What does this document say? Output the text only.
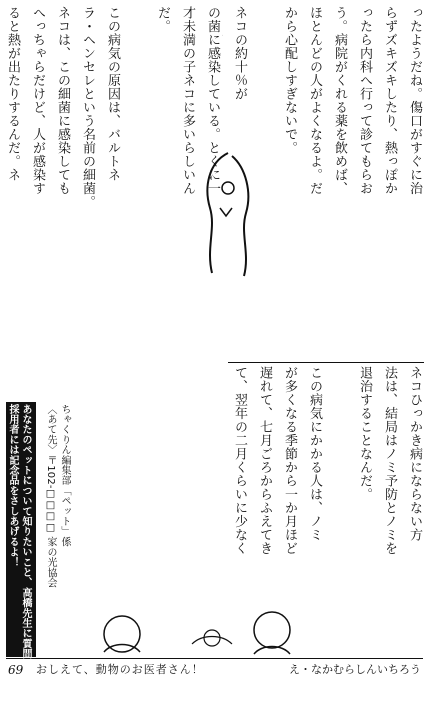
ったようだね。傷口がすぐに治
らずズキズキしたり、熱っぽか
ったら内科へ行って診てもらお
う。病院がくれる薬を飲めば、
ほとんどの人がよくなるよ。だ
から心配しすぎないで。

ネコの約十％が

の菌に感染している。とくに一
才未満の子ネコに多いらしいん
だ。

この病気の原因は、バルトネ
ラ・ヘンセレという名前の細菌。
ネコは、この細菌に感染しても
へっちゃらだけど、人が感染す
ると熱が出たりするんだ。ネ

ネコひっかき病にならない方
法は、結局はノミ予防とノミを
退治することなんだ。

この病気にかかる人は、ノミ
が多くなる季節から一か月ほど
遅れて、七月ごろからふえてき
て、翌年の二月くらいに少なく

あなたのペットについて知りたいこと、高橋先生に質問してみよう！
採用者には記念品をさしあげるよ！	〈あて先〉〒102-□□□□ 家の光協会 ちゃくりん編集部「ペット」係
69 おしえて、動物のお医者さん！	え・なかむらしんいちろう
